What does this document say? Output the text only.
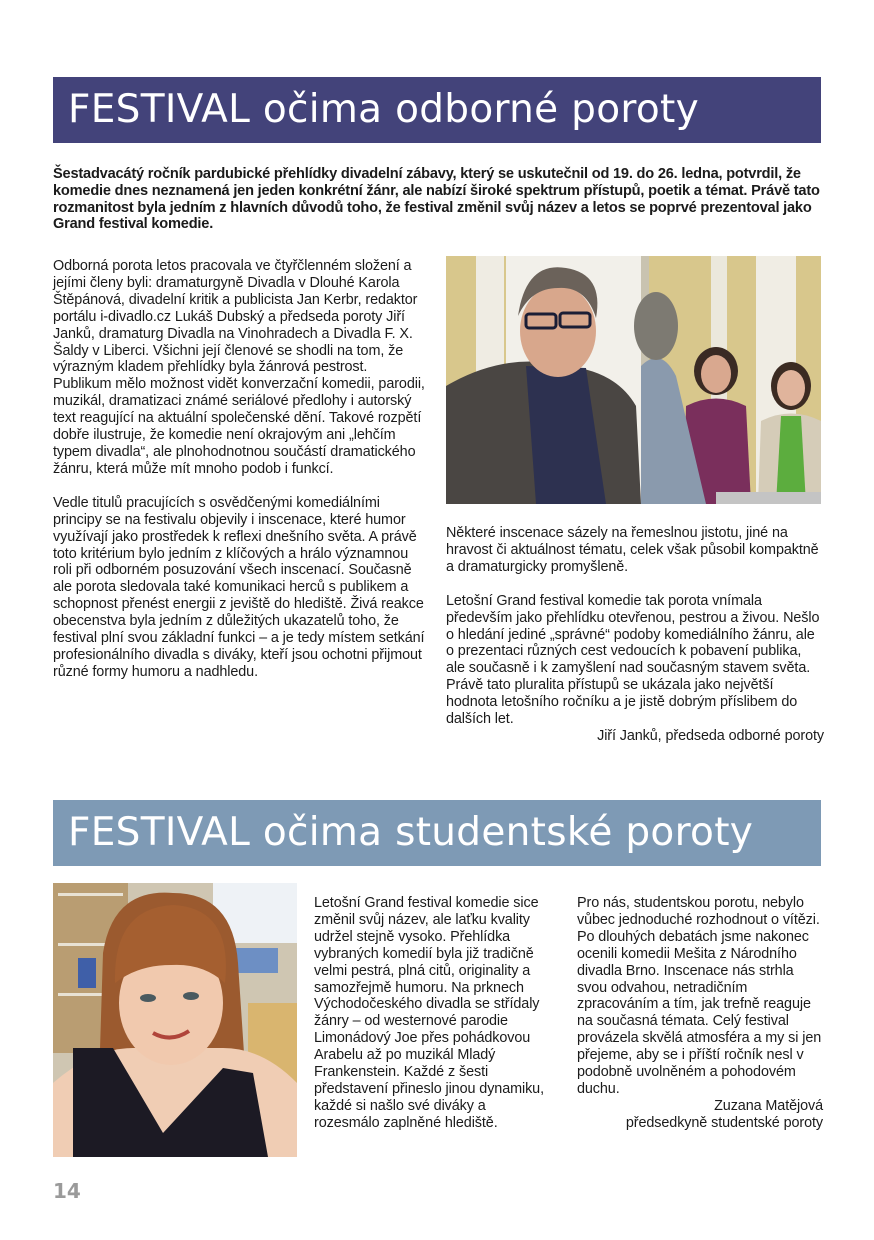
FESTIVAL očima odborné poroty

Šestadvacátý ročník pardubické přehlídky divadelní zábavy, který se uskutečnil od 19. do 26. ledna, potvrdil, že komedie dnes neznamená jen jeden konkrétní žánr, ale nabízí široké spektrum přístupů, poetik a témat. Právě tato rozmanitost byla jedním z hlavních důvodů toho, že festival změnil svůj název a letos se poprvé prezentoval jako Grand festival komedie.

Odborná porota letos pracovala ve čtyřčlenném složení a jejími členy byli: dramaturgyně Divadla v Dlouhé Karola Štěpánová, divadelní kritik a publicista Jan Kerbr, redaktor portálu i-divadlo.cz Lukáš Dubský a předseda poroty Jiří Janků, dramaturg Divadla na Vinohradech a Divadla F. X. Šaldy v Liberci. Všichni její členové se shodli na tom, že výrazným kladem přehlídky byla žánrová pestrost. Publikum mělo možnost vidět konverzační komedii, parodii, muzikál, dramatizaci známé seriálové předlohy i autorský text reagující na aktuální společenské dění. Takové rozpětí dobře ilustruje, že komedie není okrajovým ani „lehčím typem divadla“, ale plnohodnotnou součástí dramatického žánru, která může mít mnoho podob i funkcí.

Vedle titulů pracujících s osvědčenými komediálními principy se na festivalu objevily i inscenace, které humor využívají jako prostředek k reflexi dnešního světa. A právě toto kritérium bylo jedním z klíčových a hrálo významnou roli při odborném posuzování všech inscenací. Současně ale porota sledovala také komunikaci herců s publikem a schopnost přenést energii z jeviště do hlediště. Živá reakce obecenstva byla jedním z důležitých ukazatelů toho, že festival plní svou základní funkci – a je tedy místem setkání profesionálního divadla s diváky, kteří jsou ochotni přijmout různé formy humoru a nadhledu.

Některé inscenace sázely na řemeslnou jistotu, jiné na hravost či aktuálnost tématu, celek však působil kompaktně a dramaturgicky promyšleně.

Letošní Grand festival komedie tak porota vnímala především jako přehlídku otevřenou, pestrou a živou. Nešlo o hledání jediné „správné“ podoby komediálního žánru, ale o prezentaci různých cest vedoucích k pobavení publika, ale současně i k zamyšlení nad současným stavem světa. Právě tato pluralita přístupů se ukázala jako největší hodnota letošního ročníku a je jistě dobrým příslibem do dalších let.

Jiří Janků, předseda odborné poroty
FESTIVAL očima studentské poroty

Letošní Grand festival komedie sice změnil svůj název, ale laťku kvality udržel stejně vysoko. Přehlídka vybraných komedií byla již tradičně velmi pestrá, plná citů, originality a samozřejmě humoru. Na prknech Východočeského divadla se střídaly žánry – od westernové parodie Limonádový Joe přes pohádkovou Arabelu až po muzikál Mladý Frankenstein. Každé z šesti představení přineslo jinou dynamiku, každé si našlo své diváky a rozesmálo zaplněné hlediště.

Pro nás, studentskou porotu, nebylo vůbec jednoduché rozhodnout o vítězi. Po dlouhých debatách jsme nakonec ocenili komedii Mešita z Národního divadla Brno. Inscenace nás strhla svou odvahou, netradičním zpracováním a tím, jak trefně reaguje na současná témata. Celý festival provázela skvělá atmosféra a my si jen přejeme, aby se i příští ročník nesl v podobně uvolněném a pohodovém duchu.

Zuzana Matějová
předsedkyně studentské poroty
14
